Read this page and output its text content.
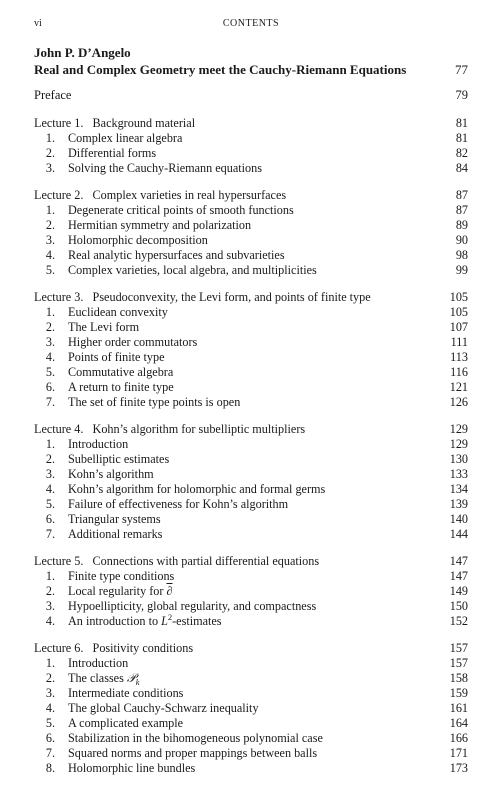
vi	CONTENTS
John P. D’Angelo
Real and Complex Geometry meet the Cauchy-Riemann Equations	77
Preface	79
Lecture 1.   Background material	81
1. Complex linear algebra	81
2. Differential forms	82
3. Solving the Cauchy-Riemann equations	84
Lecture 2.   Complex varieties in real hypersurfaces	87
1. Degenerate critical points of smooth functions	87
2. Hermitian symmetry and polarization	89
3. Holomorphic decomposition	90
4. Real analytic hypersurfaces and subvarieties	98
5. Complex varieties, local algebra, and multiplicities	99
Lecture 3.   Pseudoconvexity, the Levi form, and points of finite type	105
1. Euclidean convexity	105
2. The Levi form	107
3. Higher order commutators	111
4. Points of finite type	113
5. Commutative algebra	116
6. A return to finite type	121
7. The set of finite type points is open	126
Lecture 4.   Kohn’s algorithm for subelliptic multipliers	129
1. Introduction	129
2. Subelliptic estimates	130
3. Kohn’s algorithm	133
4. Kohn’s algorithm for holomorphic and formal germs	134
5. Failure of effectiveness for Kohn’s algorithm	139
6. Triangular systems	140
7. Additional remarks	144
Lecture 5.   Connections with partial differential equations	147
1. Finite type conditions	147
2. Local regularity for ∂	149
3. Hypoellipticity, global regularity, and compactness	150
4. An introduction to $L^2$-estimates	152
Lecture 6.   Positivity conditions	157
1. Introduction	157
2. The classes 𝒫$_k$	158
3. Intermediate conditions	159
4. The global Cauchy-Schwarz inequality	161
5. A complicated example	164
6. Stabilization in the bihomogeneous polynomial case	166
7. Squared norms and proper mappings between balls	171
8. Holomorphic line bundles	173
